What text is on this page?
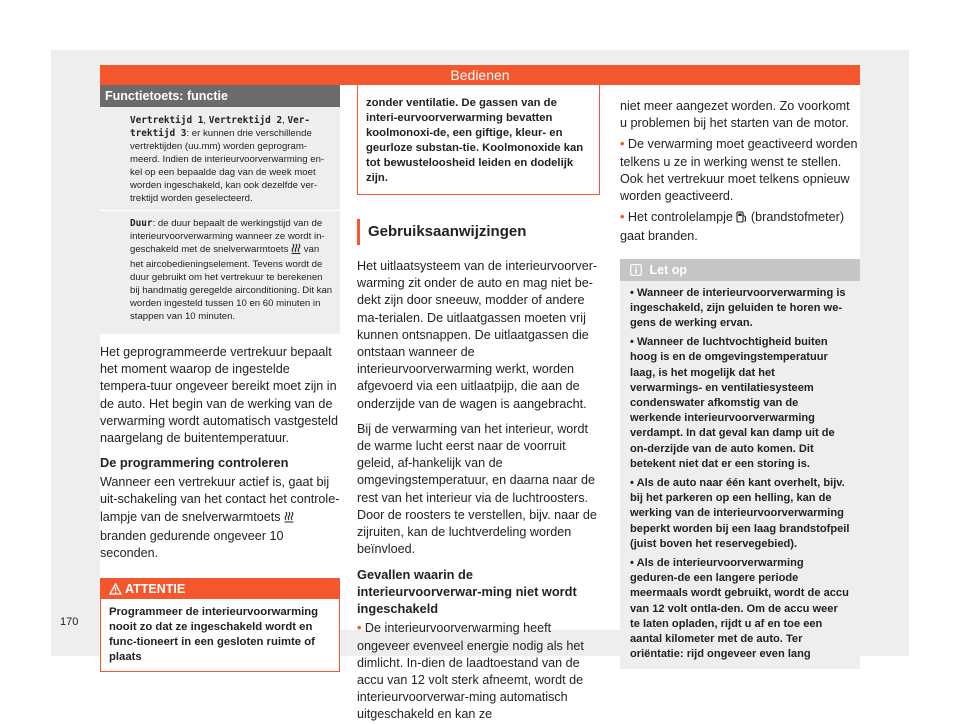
Bedienen
Functietoets: functie
Vertrektijd 1, Vertrektijd 2, Ver-trektijd 3: er kunnen drie verschillende vertrektijden (uu.mm) worden geprogram-meerd. Indien de interieurvoorverwarming en-kel op een bepaalde dag van de week moet worden ingeschakeld, kan ook dezelfde ver-trektijd worden geselecteerd.
Duur: de duur bepaalt de werkingstijd van de interieurvoorverwarming wanneer ze wordt in-geschakeld met de snelverwarmtoets van het aircobedieningselement. Tevens wordt de duur gebruikt om het vertrekuur te berekenen bij handmatig geregelde airconditioning. Dit kan worden ingesteld tussen 10 en 60 minuten in stappen van 10 minuten.

Het geprogrammeerde vertrekuur bepaalt het moment waarop de ingestelde tempera-tuur ongeveer bereikt moet zijn in de auto. Het begin van de werking van de verwarming wordt automatisch vastgesteld naargelang de buitentemperatuur.

De programmering controleren

Wanneer een vertrekuur actief is, gaat bij uit-schakeling van het contact het controle-lampje van de snelverwarmtoets  branden gedurende ongeveer 10 seconden.

ATTENTIE
Programmeer de interieurvoorwarming nooit zo dat ze ingeschakeld wordt en func-tioneert in een gesloten ruimte of plaats
zonder ventilatie. De gassen van de interi-eurvoorverwarming bevatten koolmonoxi-de, een giftige, kleur- en geurloze substan-tie. Koolmonoxide kan tot bewusteloosheid leiden en dodelijk zijn.
Gebruiksaanwijzingen

Het uitlaatsysteem van de interieurvoorver-warming zit onder de auto en mag niet be-dekt zijn door sneeuw, modder of andere ma-terialen. De uitlaatgassen moeten vrij kunnen ontsnappen. De uitlaatgassen die ontstaan wanneer de interieurvoorverwarming werkt, worden afgevoerd via een uitlaatpijp, die aan de onderzijde van de wagen is aangebracht.

Bij de verwarming van het interieur, wordt de warme lucht eerst naar de voorruit geleid, af-hankelijk van de omgevingstemperatuur, en daarna naar de rest van het interieur via de luchtroosters. Door de roosters te verstellen, bijv. naar de zijruiten, kan de luchtverdeling worden beïnvloed.

Gevallen waarin de interieurvoorverwar-ming niet wordt ingeschakeld

• De interieurvoorverwarming heeft ongeveer evenveel energie nodig als het dimlicht. In-dien de laadtoestand van de accu van 12 volt sterk afneemt, wordt de interieurvoorverwar-ming automatisch uitgeschakeld en kan ze

niet meer aangezet worden. Zo voorkomt u problemen bij het starten van de motor.

• De verwarming moet geactiveerd worden telkens u ze in werking wenst te stellen. Ook het vertrekuur moet telkens opnieuw worden geactiveerd.

• Het controlelampje (brandstofmeter) gaat branden.

Let op
• Wanneer de interieurvoorverwarming is ingeschakeld, zijn geluiden te horen we-gens de werking ervan.
• Wanneer de luchtvochtigheid buiten hoog is en de omgevingstemperatuur laag, is het mogelijk dat het verwarmings- en ventilatiesysteem condenswater afkomstig van de werkende interieurvoorverwarming verdampt. In dat geval kan damp uit de on-derzijde van de auto komen. Dit betekent niet dat er een storing is.
• Als de auto naar één kant overhelt, bijv. bij het parkeren op een helling, kan de werking van de interieurvoorverwarming beperkt worden bij een laag brandstofpeil (juist boven het reservegebied).
• Als de interieurvoorverwarming geduren-de een langere periode meermaals wordt gebruikt, wordt de accu van 12 volt ontla-den. Om de accu weer te laten opladen, rijdt u af en toe een aantal kilometer met de auto. Ter oriëntatie: rijd ongeveer even lang
170
